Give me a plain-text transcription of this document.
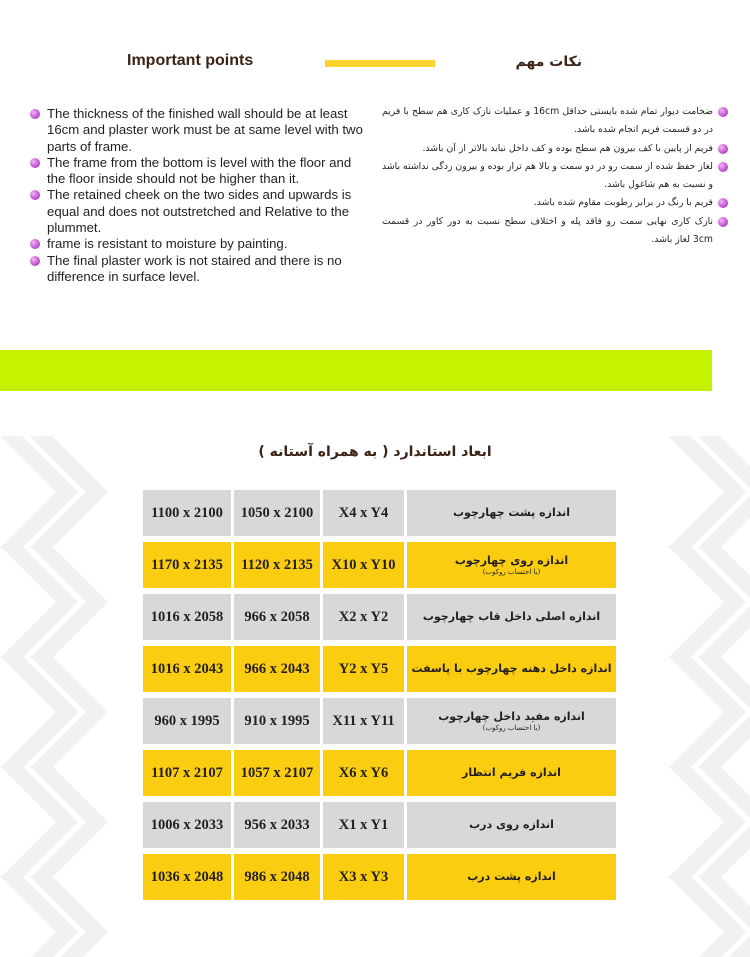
Important points	نکات مهم
The thickness of the finished wall should be at least 16cm and plaster work must be at same level with two parts of frame.
The frame from the bottom is level with the floor and the floor inside should not be higher than it.
The retained cheek on the two sides and upwards is equal and does not outstretched and Relative to the plummet.
frame is resistant to moisture by painting.
The final plaster work is not staired and there is no difference in surface level.
ضخامت دیوار تمام شده بایستی حداقل 16cm و عملیات نازک کاری هم سطح با فریم در دو قسمت فریم انجام شده باشد.
فریم از پایین با کف بیرون هم سطح بوده و کف داخل نباید بالاتر از آن باشد.
لغاز حفظ شده از سمت رو در دو سمت و بالا هم تراز بوده و بیرون زدگی نداشته باشد و نسبت به هم شاغول باشد.
فریم با رنگ در برابر رطوبت مقاوم شده باشد.
نازک کاری نهایی سمت رو فاقد پله و اختلاف سطح نسبت به دور کاور در قسمت 3cm لغاز باشد.
ابعاد استاندارد ( به همراه آستانه )
1100 x 2100	1050 x 2100	X4 x Y4	اندازه پشت چهارچوب
1170 x 2135	1120 x 2135	X10 x Y10	اندازه روی چهارچوب
(با احتساب روکوب)

1016 x 2058	966 x 2058	X2 x Y2	اندازه اصلی داخل قاب چهارچوب
1016 x 2043	966 x 2043	Y2 x Y5	اندازه داخل دهنه چهارچوب با پاسفت
960 x 1995	910 x 1995	X11 x Y11	اندازه مفید داخل چهارچوب
(با احتساب روکوب)

1107 x 2107	1057 x 2107	X6 x Y6	اندازه فریم انتظار
1006 x 2033	956 x 2033	X1 x Y1	اندازه روی درب
1036 x 2048	986 x 2048	X3 x Y3	اندازه پشت درب
